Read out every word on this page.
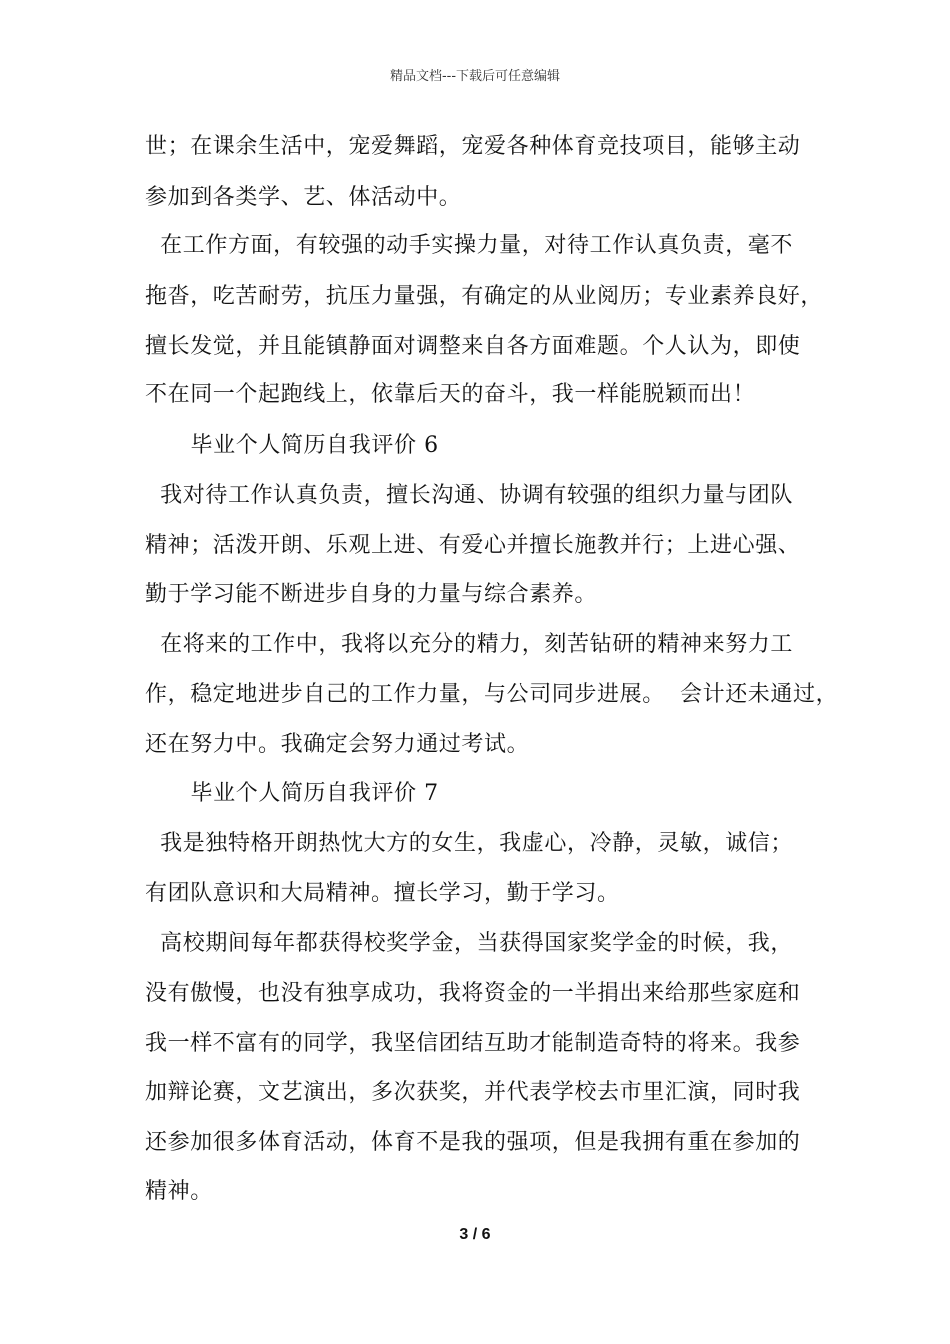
精品文档---下载后可任意编辑
世；在课余生活中，宠爱舞蹈，宠爱各种体育竞技项目，能够主动
参加到各类学、艺、体活动中。
在工作方面，有较强的动手实操力量，对待工作认真负责，毫不
拖沓，吃苦耐劳，抗压力量强，有确定的从业阅历；专业素养良好，
擅长发觉，并且能镇静面对调整来自各方面难题。个人认为，即使
不在同一个起跑线上，依靠后天的奋斗，我一样能脱颖而出！
毕业个人简历自我评价 6
我对待工作认真负责，擅长沟通、协调有较强的组织力量与团队
精神；活泼开朗、乐观上进、有爱心并擅长施教并行；上进心强、
勤于学习能不断进步自身的力量与综合素养。
在将来的工作中，我将以充分的精力，刻苦钻研的精神来努力工
作，稳定地进步自己的工作力量，与公司同步进展。  会计还未通过，
还在努力中。我确定会努力通过考试。
毕业个人简历自我评价 7
我是独特格开朗热忱大方的女生，我虚心，冷静，灵敏，诚信；
有团队意识和大局精神。擅长学习，勤于学习。
高校期间每年都获得校奖学金，当获得国家奖学金的时候，我，
没有傲慢，也没有独享成功，我将资金的一半捐出来给那些家庭和
我一样不富有的同学，我坚信团结互助才能制造奇特的将来。我参
加辩论赛，文艺演出，多次获奖，并代表学校去市里汇演，同时我
还参加很多体育活动，体育不是我的强项，但是我拥有重在参加的
精神。
3 / 6
